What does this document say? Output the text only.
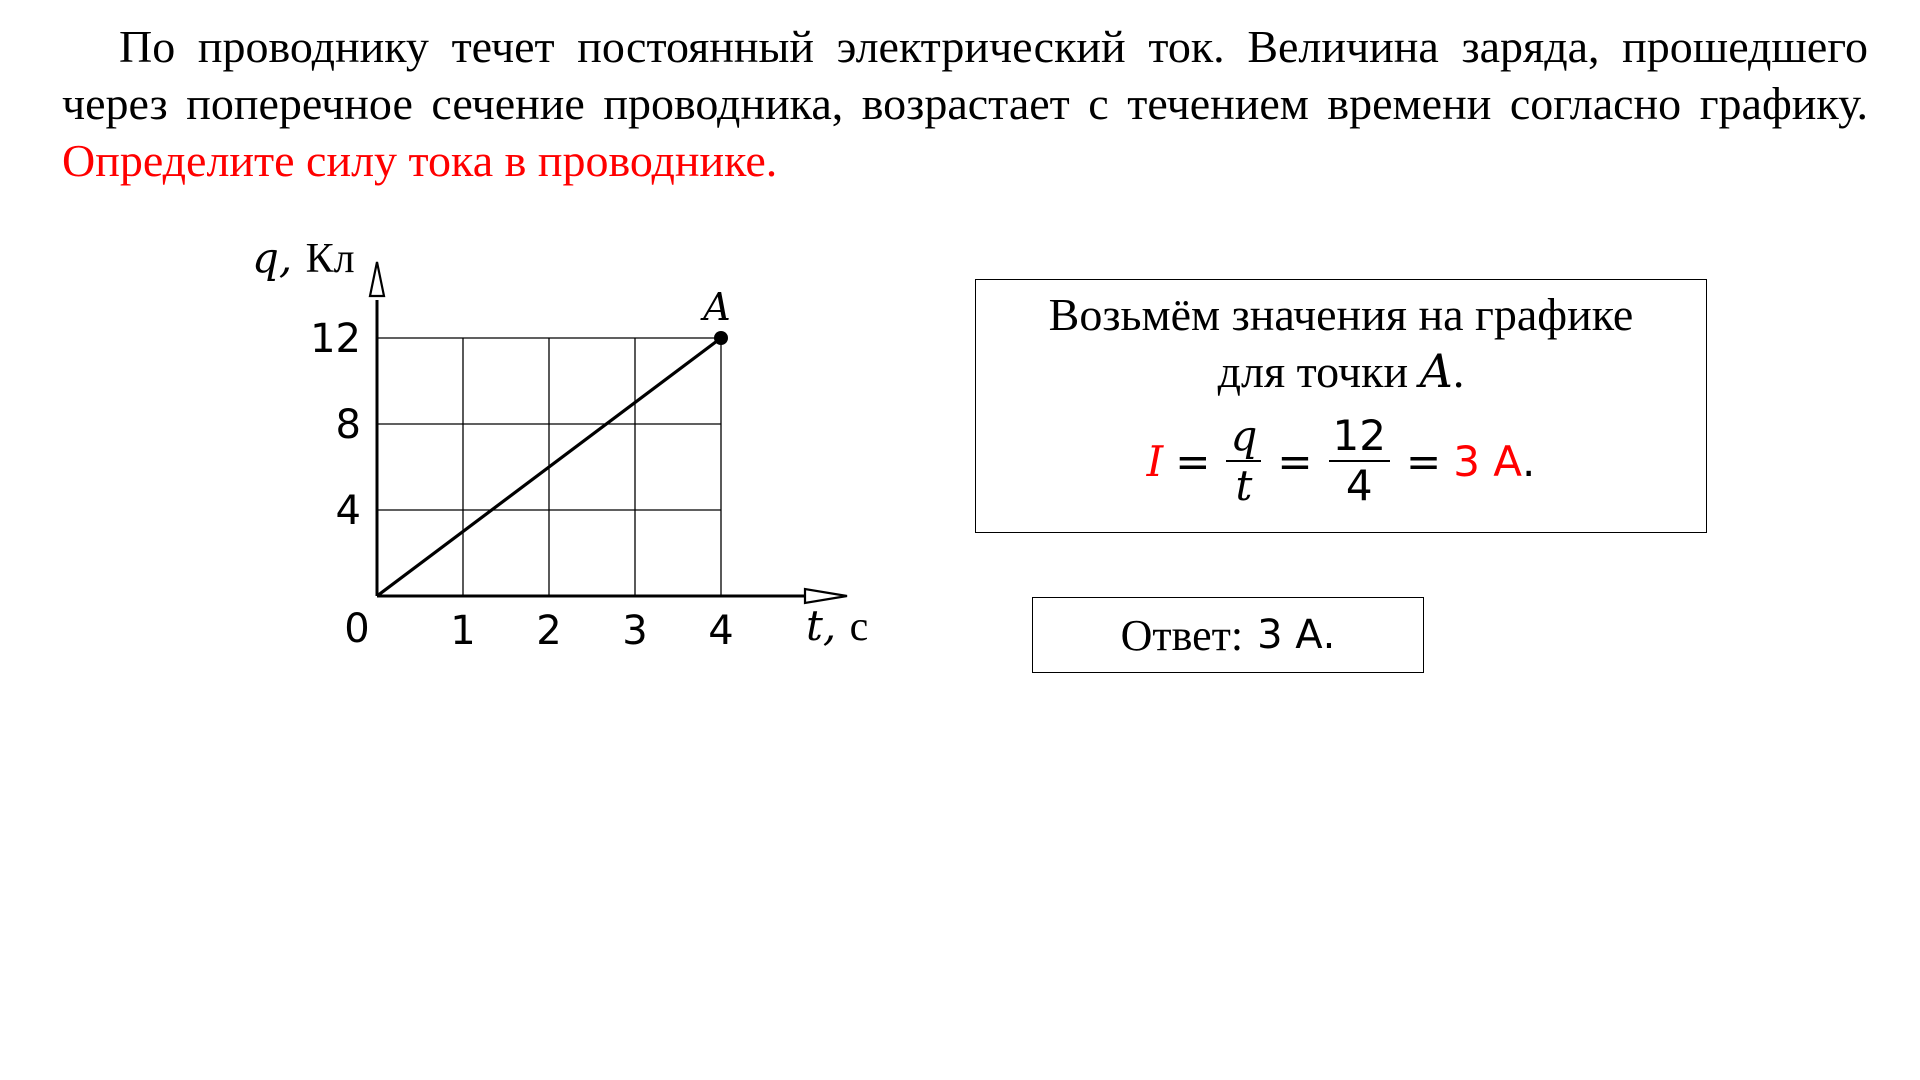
По проводнику течет постоянный электрический ток. Величина заряда, прошедшего через поперечное сечение проводника, возрастает с течением времени согласно графику. Определите силу тока в проводнике.
A
1 2 3 4
4
8
12
0
q, Кл
t, с
Возьмём значения на графике
для точки A.
$I = \frac{q}{t} = \frac{12}{4} = 3$ А .
Ответ: 3 А.
